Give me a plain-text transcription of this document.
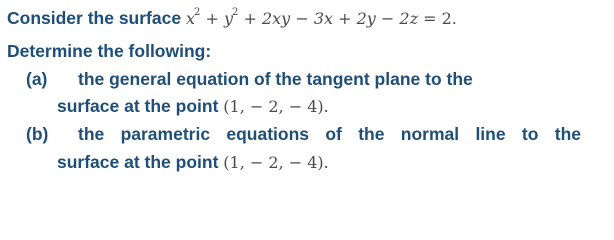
Consider the surface $x^2 + y^2 + 2xy - 3x + 2y - 2z = 2$.
Determine the following:
(a) the general equation of the tangent plane to the
surface at the point (1, − 2, − 4).
(b) the parametric equations of the normal line to the
surface at the point (1, − 2, − 4).
